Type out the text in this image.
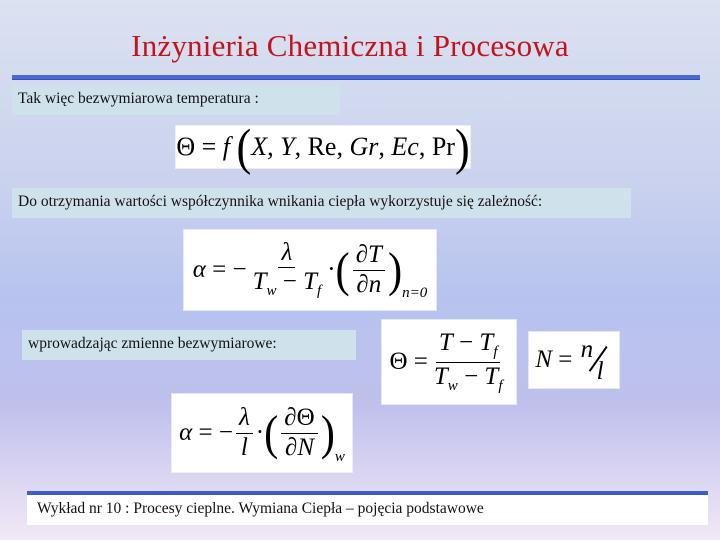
Inżynieria Chemiczna i Procesowa
Tak więc bezwymiarowa temperatura :
Θ = f ( X , Y , Re, Gr , Ec , Pr )
Do otrzymania wartości współczynnika wnikania ciepła wykorzystuje się zależność:
α = − $\frac{\lambda}{T_w - T_f}$ · ( $\frac{\partial T}{\partial n} )_{n=0}$
wprowadzając zmienne bezwymiarowe:
$\Theta = \frac{T - T_f}{T_w - T_f}$ N = n
l
α = − $\frac{\lambda}{l}$ · ( $\frac{\partial\Theta}{\partial N} )_w$
Wykład nr 10 : Procesy cieplne. Wymiana Ciepła – pojęcia podstawowe
